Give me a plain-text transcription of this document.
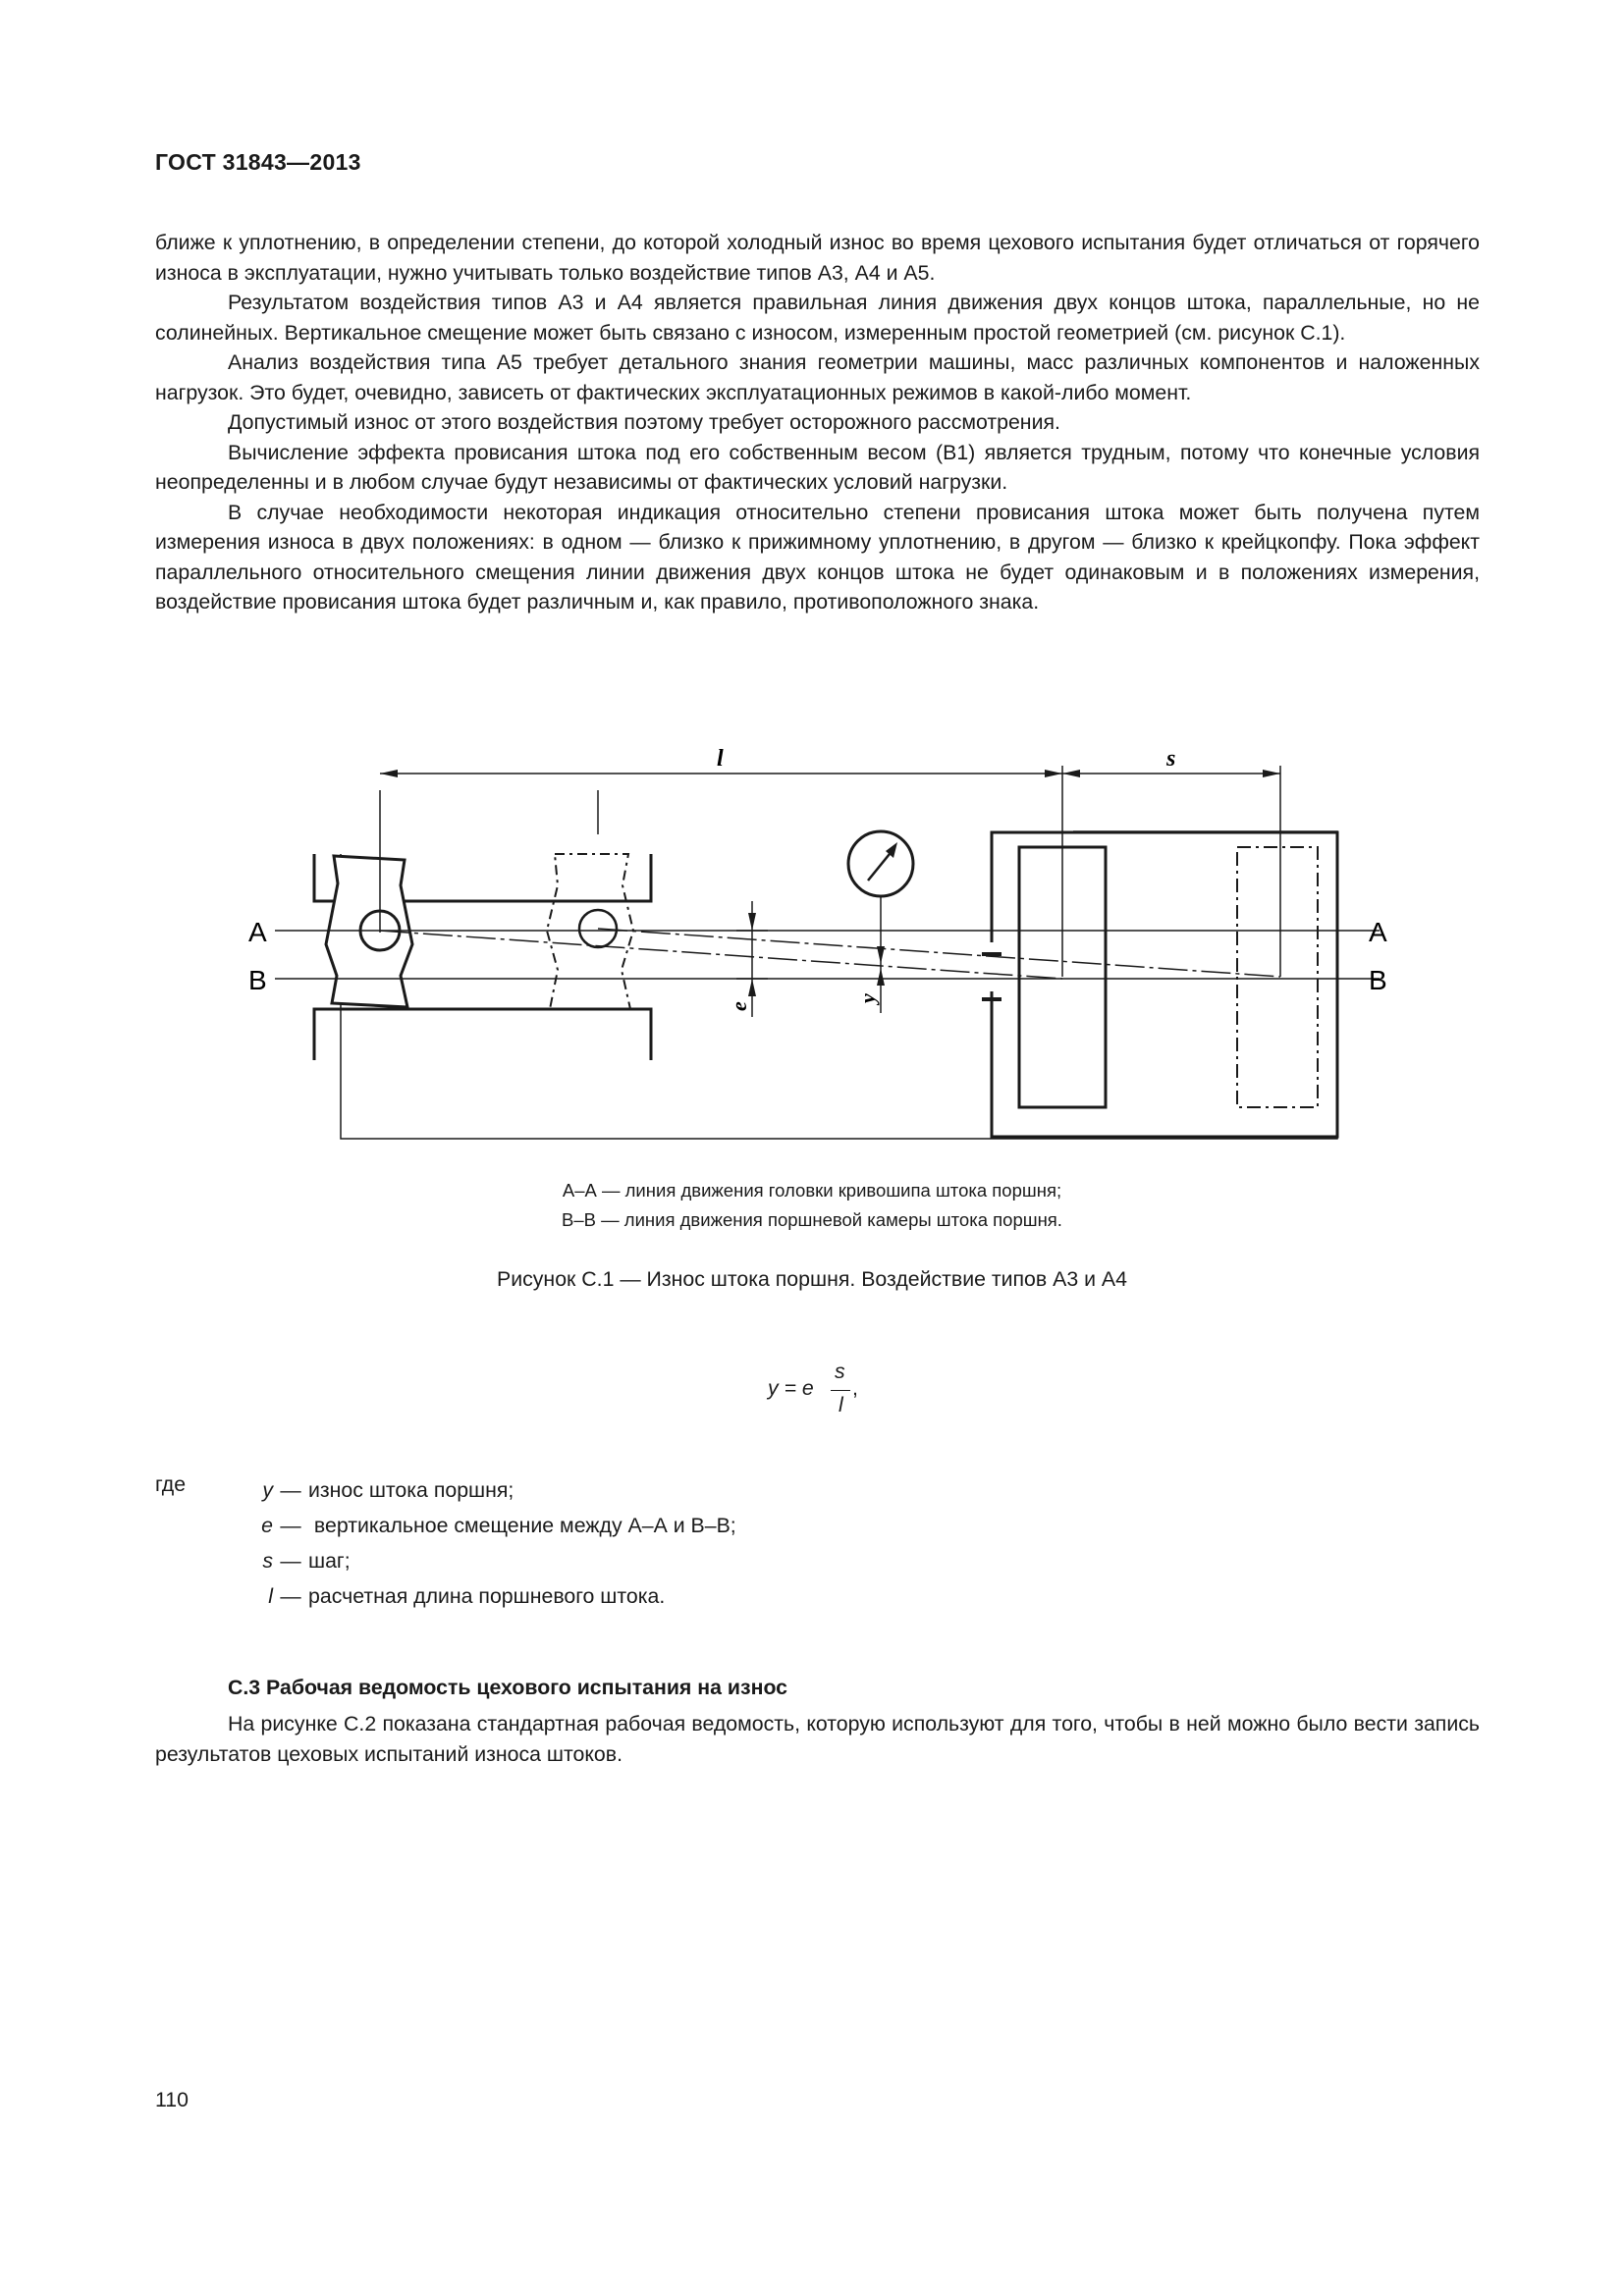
ГОСТ 31843—2013

ближе к уплотнению, в определении степени, до которой холодный износ во время цехового испытания будет отличаться от горячего износа в эксплуатации, нужно учитывать только воздействие типов А3, А4 и А5.

Результатом воздействия типов А3 и А4 является правильная линия движения двух концов штока, параллельные, но не солинейных. Вертикальное смещение может быть связано с износом, измеренным простой геометрией (см. рисунок С.1).

Анализ воздействия типа А5 требует детального знания геометрии машины, масс различных компонентов и наложенных нагрузок. Это будет, очевидно, зависеть от фактических эксплуатационных режимов в какой-либо момент.

Допустимый износ от этого воздействия поэтому требует осторожного рассмотрения.

Вычисление эффекта провисания штока под его собственным весом (В1) является трудным, потому что конечные условия неопределенны и в любом случае будут независимы от фактических условий нагрузки.

В случае необходимости некоторая индикация относительно степени провисания штока может быть получена путем измерения износа в двух положениях: в одном — близко к прижимному уплотнению, в другом — близко к крейцкопфу. Пока эффект параллельного относительного смещения линии движения двух концов штока не будет одинаковым и в положениях измерения, воздействие провисания штока будет различным и, как правило, противоположного знака.

l	s
e
y
A	A
B	B
А–А — линия движения головки кривошипа штока поршня;
В–В — линия движения поршневой камеры штока поршня.
Рисунок С.1 — Износ штока поршня. Воздействие типов А3 и А4
y = e
s
l
,
где	y — износ штока поршня;
e — вертикальное смещение между А–А и В–В;
s — шаг;
l — расчетная длина поршневого штока.
С.3 Рабочая ведомость цехового испытания на износ

На рисунке С.2 показана стандартная рабочая ведомость, которую используют для того, чтобы в ней можно было вести запись результатов цеховых испытаний износа штоков.

110
